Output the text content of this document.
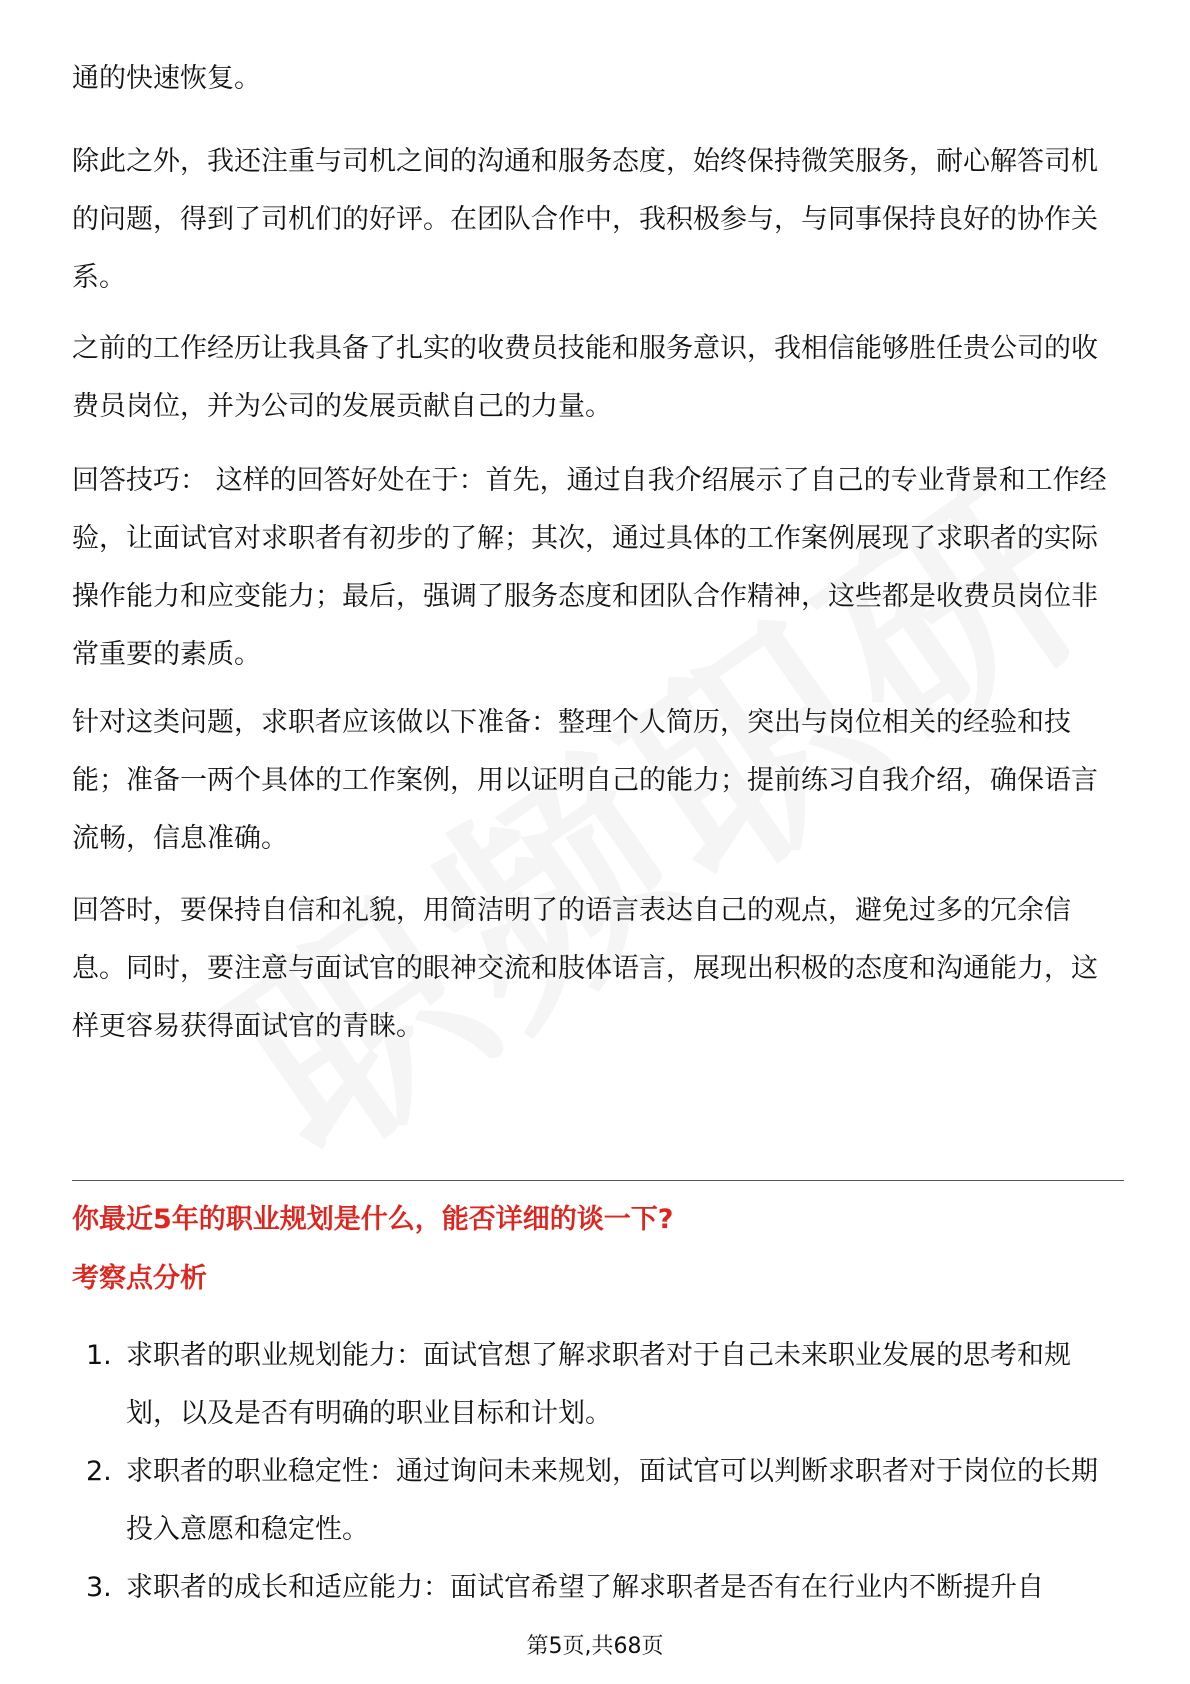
通的快速恢复。

除此之外，我还注重与司机之间的沟通和服务态度，始终保持微笑服务，耐心解答司机的问题，得到了司机们的好评。在团队合作中，我积极参与，与同事保持良好的协作关系。

之前的工作经历让我具备了扎实的收费员技能和服务意识，我相信能够胜任贵公司的收费员岗位，并为公司的发展贡献自己的力量。

回答技巧： 这样的回答好处在于：首先，通过自我介绍展示了自己的专业背景和工作经验，让面试官对求职者有初步的了解；其次，通过具体的工作案例展现了求职者的实际操作能力和应变能力；最后，强调了服务态度和团队合作精神，这些都是收费员岗位非常重要的素质。

针对这类问题，求职者应该做以下准备：整理个人简历，突出与岗位相关的经验和技能；准备一两个具体的工作案例，用以证明自己的能力；提前练习自我介绍，确保语言流畅，信息准确。

回答时，要保持自信和礼貌，用简洁明了的语言表达自己的观点，避免过多的冗余信息。同时，要注意与面试官的眼神交流和肢体语言，展现出积极的态度和沟通能力，这样更容易获得面试官的青睐。

你最近5年的职业规划是什么，能否详细的谈一下?

考察点分析

1. 求职者的职业规划能力：面试官想了解求职者对于自己未来职业发展的思考和规划，以及是否有明确的职业目标和计划。
2. 求职者的职业稳定性：通过询问未来规划，面试官可以判断求职者对于岗位的长期投入意愿和稳定性。
3. 求职者的成长和适应能力：面试官希望了解求职者是否有在行业内不断提升自
第5页,共68页
